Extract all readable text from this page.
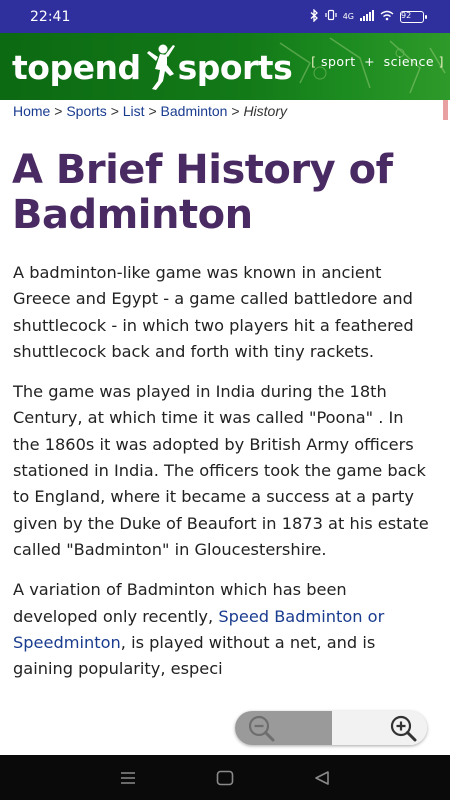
22:41	4G	92
topend sports [ sport + science ]
Home > Sports > List > Badminton > History
A Brief History of Badminton

A badminton-like game was known in ancient Greece and Egypt - a game called battledore and shuttlecock - in which two players hit a feathered shuttlecock back and forth with tiny rackets.

The game was played in India during the 18th Century, at which time it was called "Poona" . In the 1860s it was adopted by British Army officers stationed in India. The officers took the game back to England, where it became a success at a party given by the Duke of Beaufort in 1873 at his estate called "Badminton" in Gloucestershire.

A variation of Badminton which has been developed only recently, Speed Badminton or Speedminton, is played without a net, and is gaining popularity, especi
